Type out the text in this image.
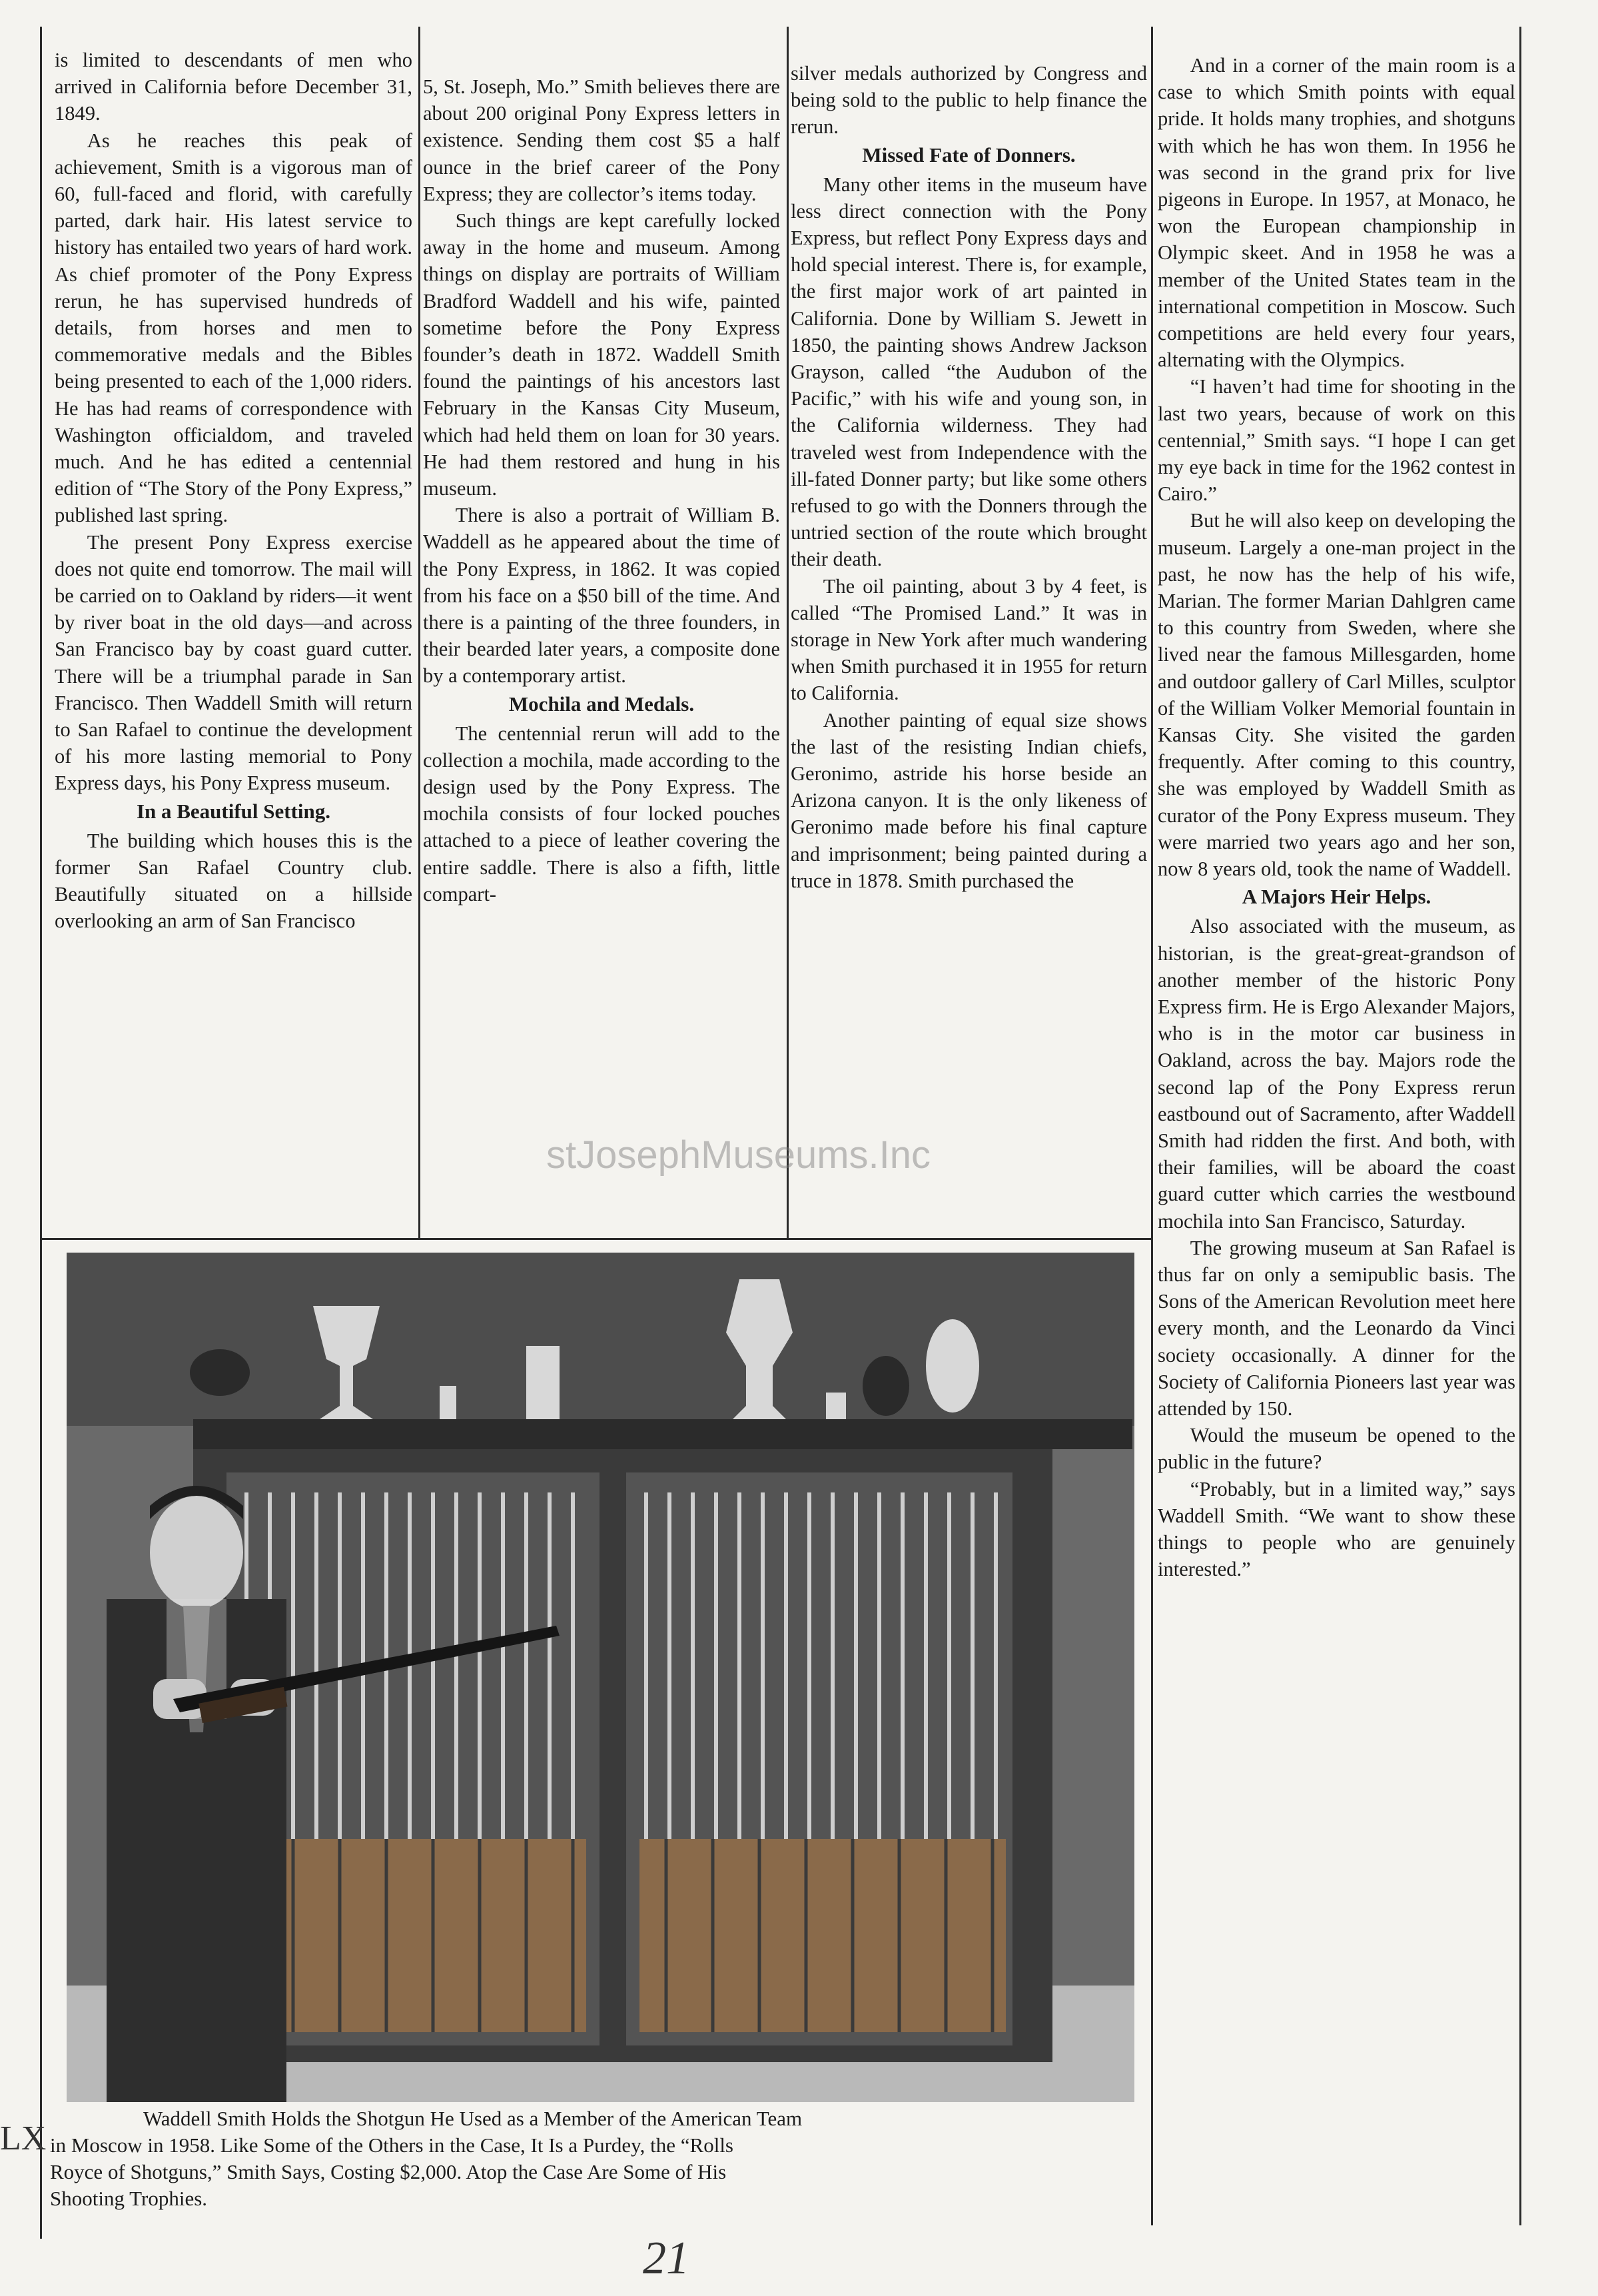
is limited to descendants of men who arrived in California before December 31, 1849.

As he reaches this peak of achievement, Smith is a vigorous man of 60, full-faced and florid, with carefully parted, dark hair. His latest service to history has entailed two years of hard work. As chief promoter of the Pony Express rerun, he has supervised hundreds of details, from horses and men to commemorative medals and the Bibles being presented to each of the 1,000 riders. He has had reams of correspondence with Washington officialdom, and traveled much. And he has edited a centennial edition of “The Story of the Pony Express,” published last spring.

The present Pony Express exercise does not quite end tomorrow. The mail will be carried on to Oakland by riders—it went by river boat in the old days—and across San Francisco bay by coast guard cutter. There will be a triumphal parade in San Francisco. Then Waddell Smith will return to San Rafael to continue the development of his more lasting memorial to Pony Express days, his Pony Express museum.

In a Beautiful Setting.

The building which houses this is the former San Rafael Country club. Beautifully situated on a hillside overlooking an arm of San Francisco

5, St. Joseph, Mo.” Smith believes there are about 200 original Pony Express letters in existence. Sending them cost $5 a half ounce in the brief career of the Pony Express; they are collector’s items today.

Such things are kept carefully locked away in the home and museum. Among things on display are portraits of William Bradford Waddell and his wife, painted sometime before the Pony Express founder’s death in 1872. Waddell Smith found the paintings of his ancestors last February in the Kansas City Museum, which had held them on loan for 30 years. He had them restored and hung in his museum.

There is also a portrait of William B. Waddell as he appeared about the time of the Pony Express, in 1862. It was copied from his face on a $50 bill of the time. And there is a painting of the three founders, in their bearded later years, a composite done by a contemporary artist.

Mochila and Medals.

The centennial rerun will add to the collection a mochila, made according to the design used by the Pony Express. The mochila consists of four locked pouches attached to a piece of leather covering the entire saddle. There is also a fifth, little compart-

silver medals authorized by Congress and being sold to the public to help finance the rerun.

Missed Fate of Donners.

Many other items in the museum have less direct connection with the Pony Express, but reflect Pony Express days and hold special interest. There is, for example, the first major work of art painted in California. Done by William S. Jewett in 1850, the painting shows Andrew Jackson Grayson, called “the Audubon of the Pacific,” with his wife and young son, in the California wilderness. They had traveled west from Independence with the ill-fated Donner party; but like some others refused to go with the Donners through the untried section of the route which brought their death.

The oil painting, about 3 by 4 feet, is called “The Promised Land.” It was in storage in New York after much wandering when Smith purchased it in 1955 for return to California.

Another painting of equal size shows the last of the resisting Indian chiefs, Geronimo, astride his horse beside an Arizona canyon. It is the only likeness of Geronimo made before his final capture and imprisonment; being painted during a truce in 1878. Smith purchased the

And in a corner of the main room is a case to which Smith points with equal pride. It holds many trophies, and shotguns with which he has won them. In 1956 he was second in the grand prix for live pigeons in Europe. In 1957, at Monaco, he won the European championship in Olympic skeet. And in 1958 he was a member of the United States team in the international competition in Moscow. Such competitions are held every four years, alternating with the Olympics.

“I haven’t had time for shooting in the last two years, because of work on this centennial,” Smith says. “I hope I can get my eye back in time for the 1962 contest in Cairo.”

But he will also keep on developing the museum. Largely a one-man project in the past, he now has the help of his wife, Marian. The former Marian Dahlgren came to this country from Sweden, where she lived near the famous Millesgarden, home and outdoor gallery of Carl Milles, sculptor of the William Volker Memorial fountain in Kansas City. She visited the garden frequently. After coming to this country, she was employed by Waddell Smith as curator of the Pony Express museum. They were married two years ago and her son, now 8 years old, took the name of Waddell.

A Majors Heir Helps.

Also associated with the museum, as historian, is the great-great-grandson of another member of the historic Pony Express firm. He is Ergo Alexander Majors, who is in the motor car business in Oakland, across the bay. Majors rode the second lap of the Pony Express rerun eastbound out of Sacramento, after Waddell Smith had ridden the first. And both, with their families, will be aboard the coast guard cutter which carries the westbound mochila into San Francisco, Saturday.

The growing museum at San Rafael is thus far on only a semipublic basis. The Sons of the American Revolution meet here every month, and the Leonardo da Vinci society occasionally. A dinner for the Society of California Pioneers last year was attended by 150.

Would the museum be opened to the public in the future?

“Probably, but in a limited way,” says Waddell Smith. “We want to show these things to people who are genuinely interested.”

Waddell Smith Holds the Shotgun He Used as a Member of the American Team
in Moscow in 1958. Like Some of the Others in the Case, It Is a Purdey, the “Rolls
Royce of Shotguns,” Smith Says, Costing $2,000. Atop the Case Are Some of His
Shooting Trophies.
stJosephMuseums.Inc
21
LX
